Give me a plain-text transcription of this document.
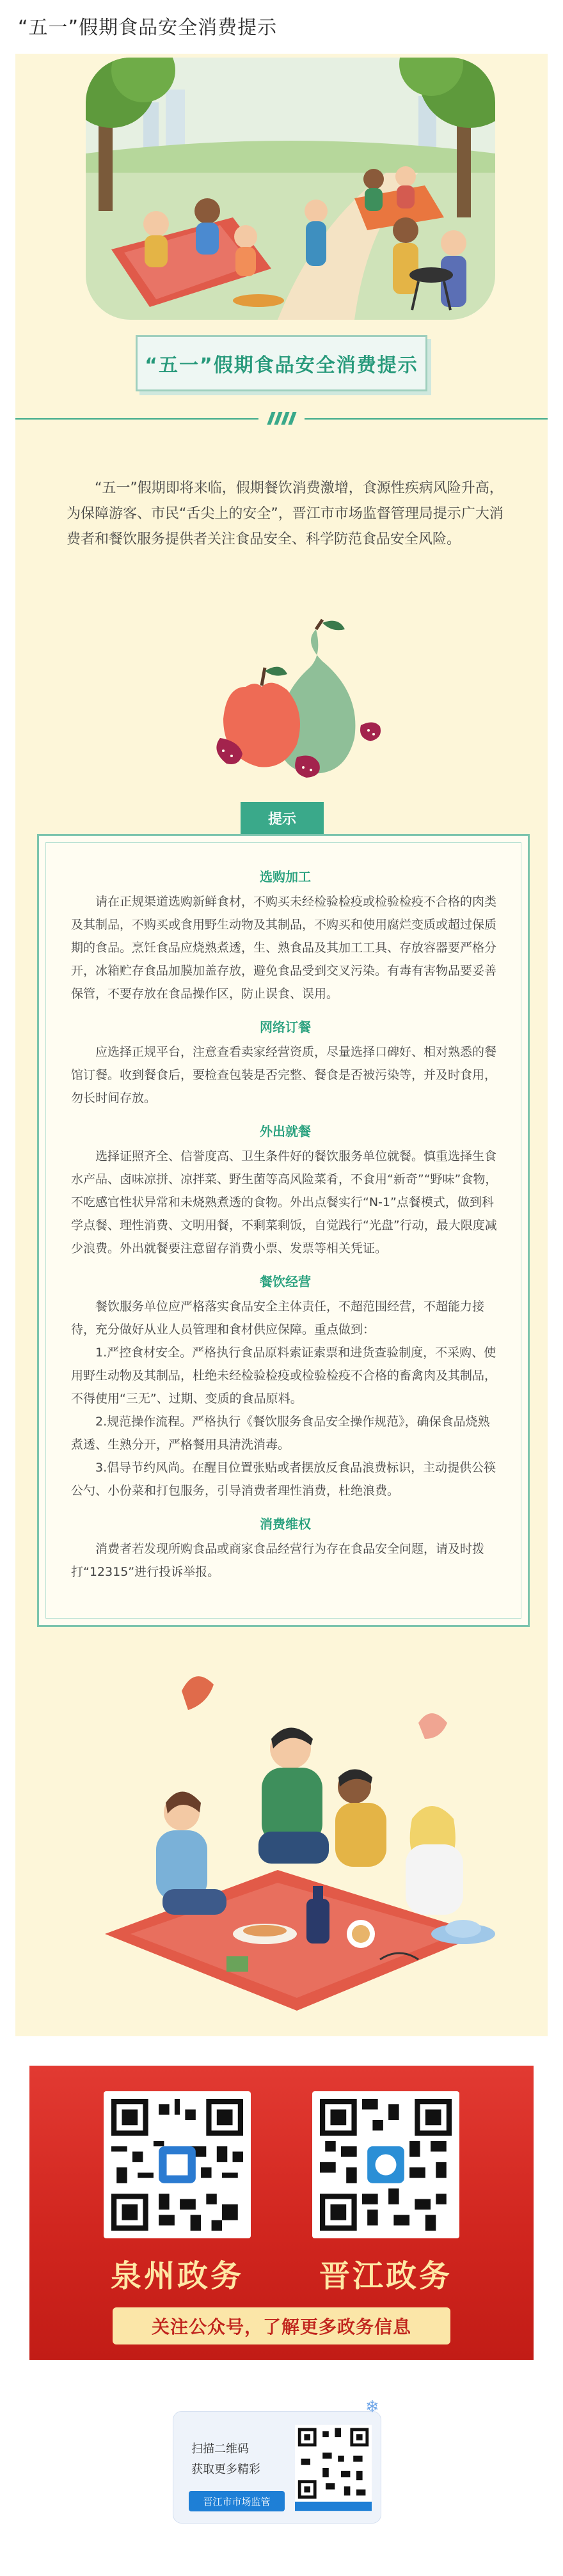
“五一”假期食品安全消费提示
“五一”假期食品安全消费提示

“五一”假期即将来临，假期餐饮消费激增，食源性疾病风险升高，为保障游客、市民“舌尖上的安全”，晋江市市场监督管理局提示广大消费者和餐饮服务提供者关注食品安全、科学防范食品安全风险。

提示
选购加工

请在正规渠道选购新鲜食材，不购买未经检验检疫或检验检疫不合格的肉类及其制品，不购买或食用野生动物及其制品，不购买和使用腐烂变质或超过保质期的食品。烹饪食品应烧熟煮透，生、熟食品及其加工工具、存放容器要严格分开，冰箱贮存食品加膜加盖存放，避免食品受到交叉污染。有毒有害物品要妥善保管，不要存放在食品操作区，防止误食、误用。

网络订餐

应选择正规平台，注意查看卖家经营资质，尽量选择口碑好、相对熟悉的餐馆订餐。收到餐食后，要检查包装是否完整、餐食是否被污染等，并及时食用，勿长时间存放。

外出就餐

选择证照齐全、信誉度高、卫生条件好的餐饮服务单位就餐。慎重选择生食水产品、卤味凉拼、凉拌菜、野生菌等高风险菜肴，不食用“新奇”“野味”食物，不吃感官性状异常和未烧熟煮透的食物。外出点餐实行“N-1”点餐模式，做到科学点餐、理性消费、文明用餐，不剩菜剩饭，自觉践行“光盘”行动，最大限度减少浪费。外出就餐要注意留存消费小票、发票等相关凭证。

餐饮经营

餐饮服务单位应严格落实食品安全主体责任，不超范围经营，不超能力接待，充分做好从业人员管理和食材供应保障。重点做到：

1.严控食材安全。严格执行食品原料索证索票和进货查验制度，不采购、使用野生动物及其制品，杜绝未经检验检疫或检验检疫不合格的畜禽肉及其制品，不得使用“三无”、过期、变质的食品原料。

2.规范操作流程。严格执行《餐饮服务食品安全操作规范》，确保食品烧熟煮透、生熟分开，严格餐用具清洗消毒。

3.倡导节约风尚。在醒目位置张贴或者摆放反食品浪费标识，主动提供公筷公勺、小份菜和打包服务，引导消费者理性消费，杜绝浪费。

消费维权

消费者若发现所购食品或商家食品经营行为存在食品安全问题，请及时拨打“12315”进行投诉举报。

泉州政务 晋江政务
关注公众号，了解更多政务信息
❄
扫描二维码
获取更多精彩
晋江市市场监管
